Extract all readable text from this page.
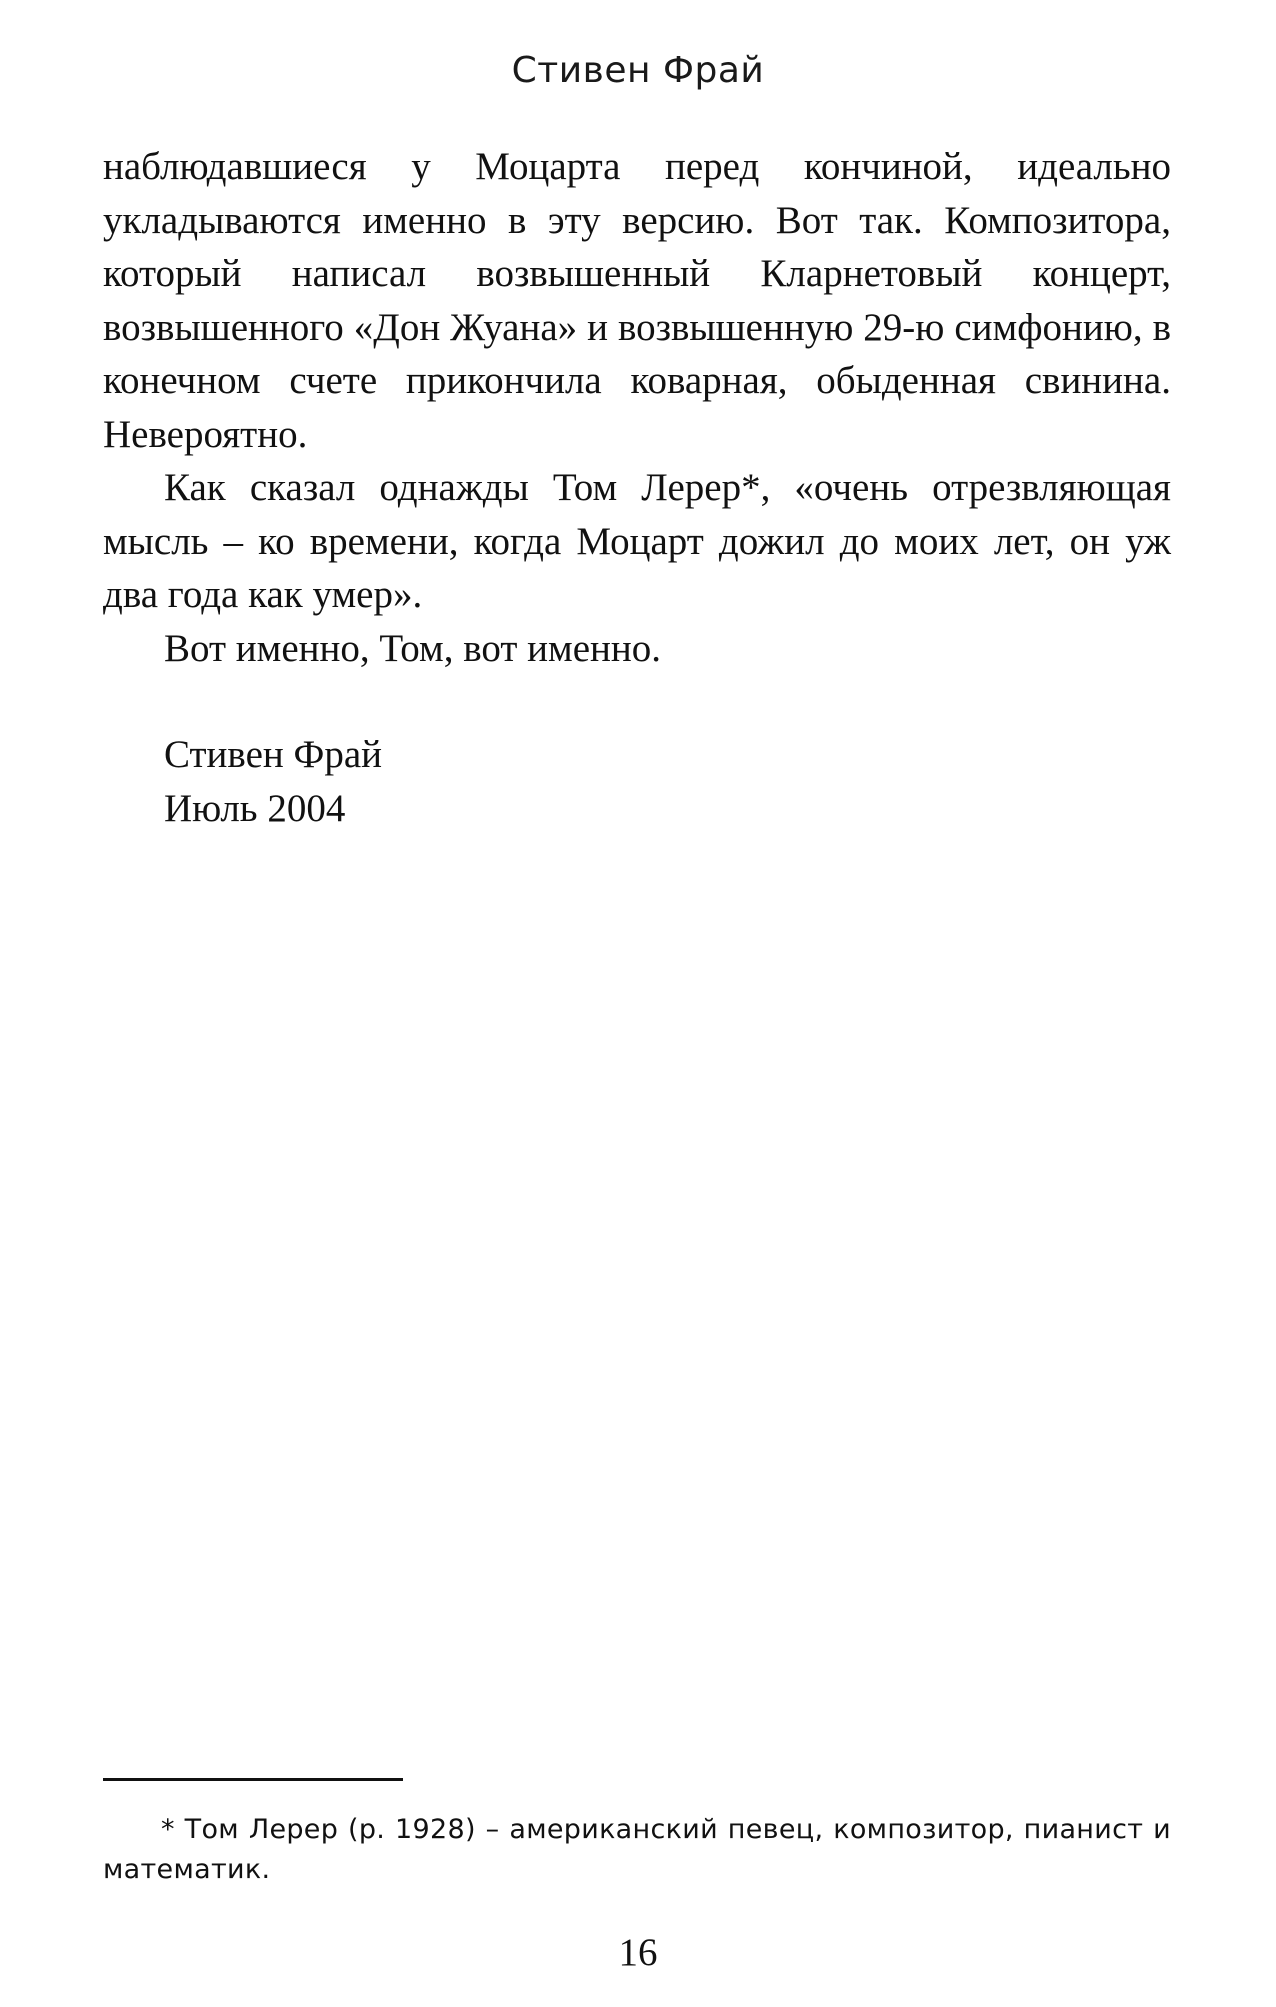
Стивен Фрай

наблюдавшиеся у Моцарта перед кончиной, идеально укладываются именно в эту версию. Вот так. Композитора, который написал возвышенный Кларнетовый концерт, возвышенного «Дон Жуана» и возвышенную 29-ю симфонию, в конечном счете прикончила коварная, обыденная свинина. Невероятно.

Как сказал однажды Том Лерер*, «очень отрезвляющая мысль – ко времени, когда Моцарт дожил до моих лет, он уж два года как умер».

Вот именно, Том, вот именно.

Стивен Фрай
Июль 2004
* Том Лерер (р. 1928) – американский певец, композитор, пианист и математик.
16
